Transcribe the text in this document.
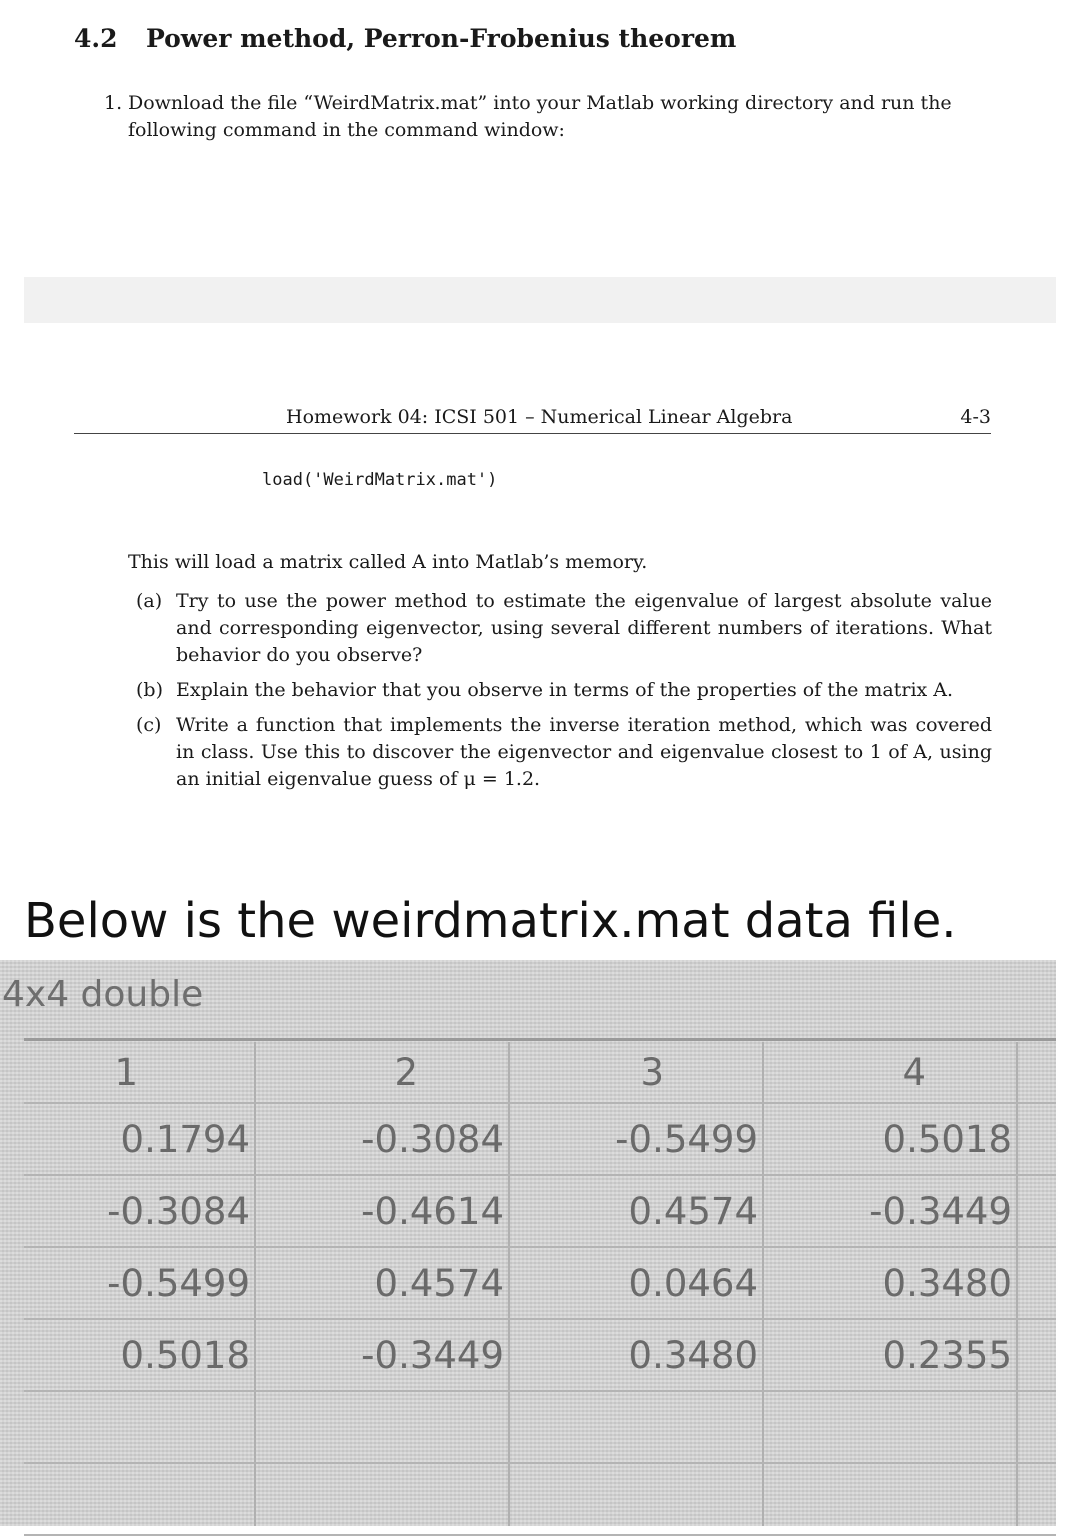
4.2 Power method, Perron-Frobenius theorem
1. Download the file “WeirdMatrix.mat” into your Matlab working directory and run the following command in the command window:
Homework 04: ICSI 501 – Numerical Linear Algebra	4-3
load('WeirdMatrix.mat')
This will load a matrix called A into Matlab’s memory.
(a) Try to use the power method to estimate the eigenvalue of largest absolute value and corresponding eigenvector, using several different numbers of iterations. What behavior do you observe?
(b) Explain the behavior that you observe in terms of the properties of the matrix A.
(c) Write a function that implements the inverse iteration method, which was covered in class. Use this to discover the eigenvector and eigenvalue closest to 1 of A, using an initial eigenvalue guess of μ = 1.2.
Below is the weirdmatrix.mat data file.
4x4 double
1	2	3	4
0.1794	-0.3084	-0.5499	0.5018
-0.3084	-0.4614	0.4574	-0.3449
-0.5499	0.4574	0.0464	0.3480
0.5018	-0.3449	0.3480	0.2355
